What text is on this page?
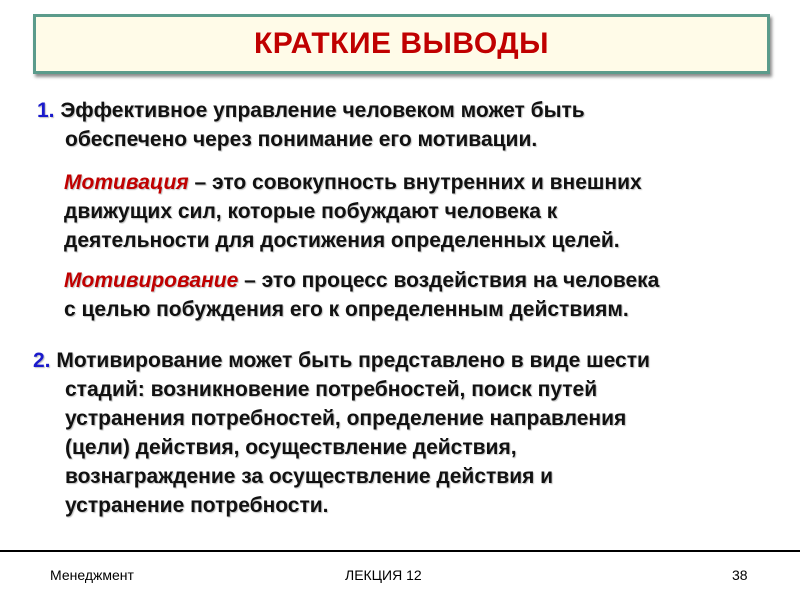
КРАТКИЕ ВЫВОДЫ
1. Эффективное управление человеком может быть
обеспечено через понимание его мотивации.
Мотивация – это совокупность внутренних и внешних
движущих сил, которые побуждают человека к
деятельности для достижения определенных целей.
Мотивирование – это процесс воздействия на человека
с целью побуждения его к определенным действиям.
2. Мотивирование может быть представлено в виде шести
стадий: возникновение потребностей, поиск путей
устранения потребностей, определение направления
(цели) действия, осуществление действия,
вознаграждение за осуществление действия и
устранение потребности.
Менеджмент	ЛЕКЦИЯ 12	38
